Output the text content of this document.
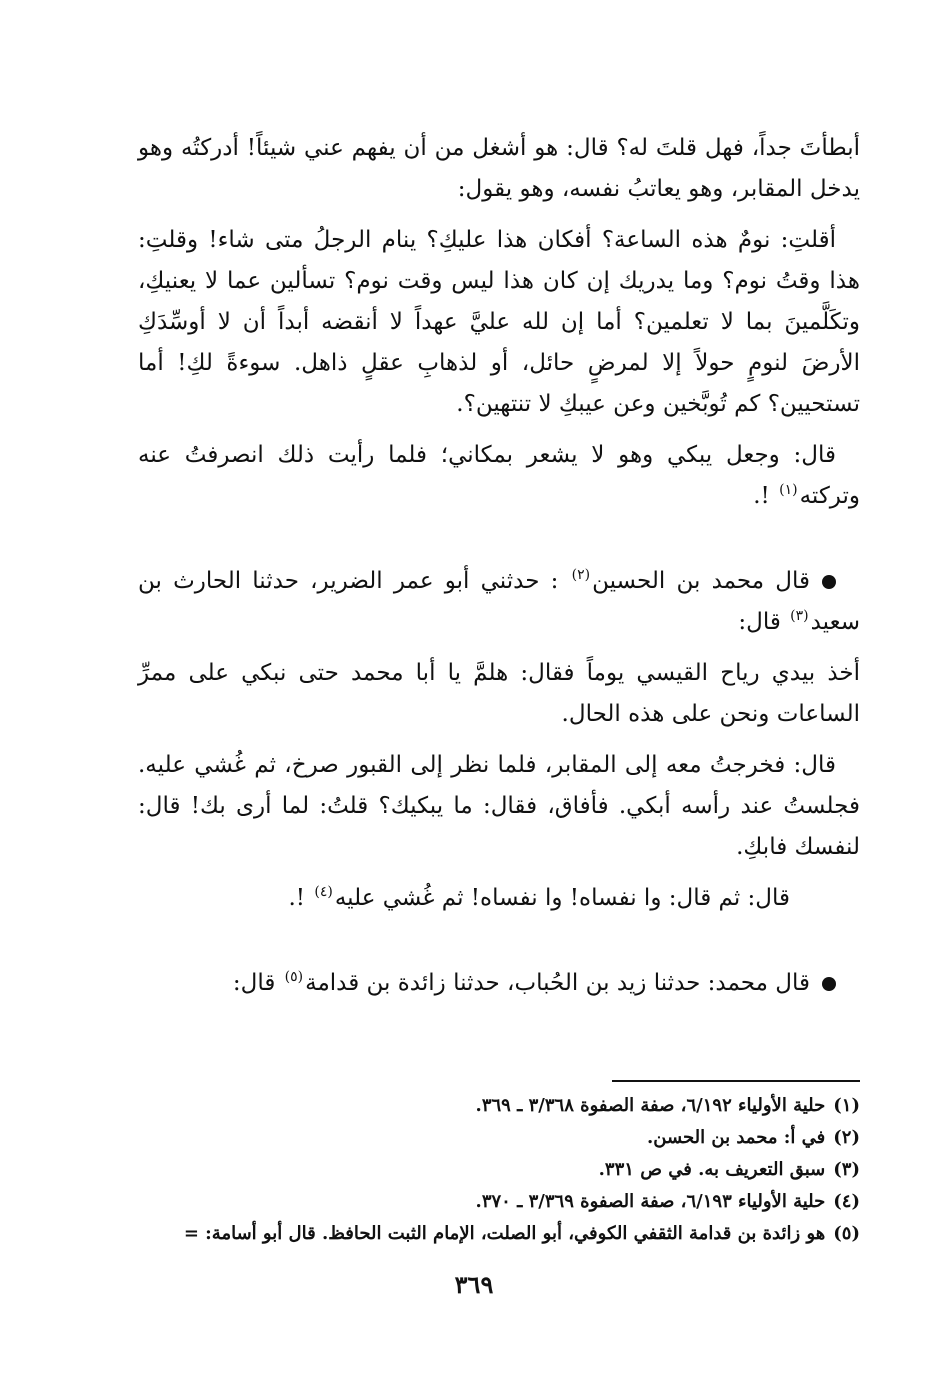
أبطأتَ جداً، فهل قلتَ له؟ قال: هو أشغل من أن يفهم عني شيئاً! أدركتُه وهو يدخل المقابر، وهو يعاتبُ نفسه، وهو يقول:

أقلتِ: نومٌ هذه الساعة؟ أفكان هذا عليكِ؟ ينام الرجلُ متى شاء! وقلتِ: هذا وقتُ نوم؟ وما يدريك إن كان هذا ليس وقت نوم؟ تسألين عما لا يعنيكِ، وتكَلَّمينَ بما لا تعلمين؟ أما إن لله عليَّ عهداً لا أنقضه أبداً أن لا أوسِّدَكِ الأرضَ لنومٍ حولاً إلا لمرضٍ حائل، أو لذهابِ عقلٍ ذاهل. سوءةً لكِ! أما تستحيين؟ كم تُوبَّخين وعن عيبكِ لا تنتهين؟.

قال: وجعل يبكي وهو لا يشعر بمكاني؛ فلما رأيت ذلك انصرفتُ عنه وتركته$^{(١)}$ !.

قال محمد بن الحسين$^{(٢)}$ : حدثني أبو عمر الضرير، حدثنا الحارث بن سعيد$^{(٣)}$ قال:

أخذ بيدي رياح القيسي يوماً فقال: هلمَّ يا أبا محمد حتى نبكي على ممرِّ الساعات ونحن على هذه الحال.

قال: فخرجتُ معه إلى المقابر، فلما نظر إلى القبور صرخ، ثم غُشي عليه. فجلستُ عند رأسه أبكي. فأفاق، فقال: ما يبكيك؟ قلتُ: لما أرى بك! قال: لنفسك فابكِ.

قال: ثم قال: وا نفساه! وا نفساه! ثم غُشي عليه$^{(٤)}$ !.

قال محمد: حدثنا زيد بن الحُباب، حدثنا زائدة بن قدامة$^{(٥)}$ قال:

(١)حلية الأولياء ٦/١٩٢، صفة الصفوة ٣/٣٦٨ ـ ٣٦٩.

(٢)في أ: محمد بن الحسن.

(٣)سبق التعريف به. في ص ٣٣١.

(٤)حلية الأولياء ٦/١٩٣، صفة الصفوة ٣/٣٦٩ ـ ٣٧٠.

(٥)هو زائدة بن قدامة الثقفي الكوفي، أبو الصلت، الإمام الثبت الحافظ. قال أبو أسامة: =

٣٦٩
